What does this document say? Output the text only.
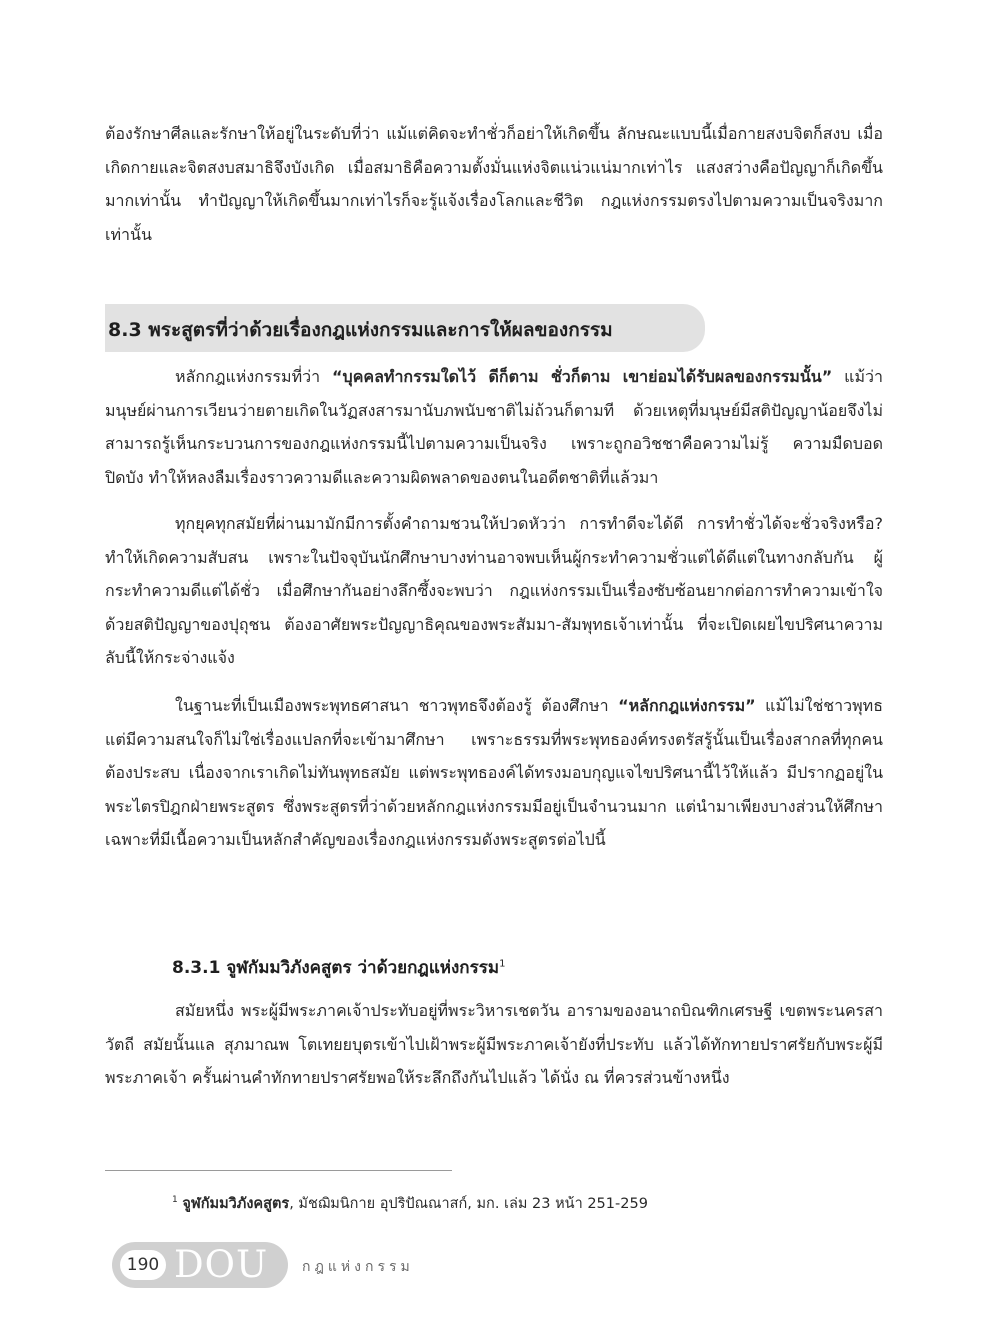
ต้องรักษาศีลและรักษาให้อยู่ในระดับที่ว่า แม้แต่คิดจะทำชั่วก็อย่าให้เกิดขึ้น ลักษณะแบบนี้เมื่อกายสงบจิตก็สงบ เมื่อเกิดกายและจิตสงบสมาธิจึงบังเกิด เมื่อสมาธิคือความตั้งมั่นแห่งจิตแน่วแน่มากเท่าไร แสงสว่างคือปัญญาก็เกิดขึ้นมากเท่านั้น ทำปัญญาให้เกิดขึ้นมากเท่าไรก็จะรู้แจ้งเรื่องโลกและชีวิต กฎแห่งกรรมตรงไปตามความเป็นจริงมากเท่านั้น

8.3 พระสูตรที่ว่าด้วยเรื่องกฎแห่งกรรมและการให้ผลของกรรม

หลักกฎแห่งกรรมที่ว่า “บุคคลทำกรรมใดไว้ ดีก็ตาม ชั่วก็ตาม เขาย่อมได้รับผลของกรรมนั้น” แม้ว่ามนุษย์ผ่านการเวียนว่ายตายเกิดในวัฏสงสารมานับภพนับชาติไม่ถ้วนก็ตามที ด้วยเหตุที่มนุษย์มีสติปัญญาน้อยจึงไม่สามารถรู้เห็นกระบวนการของกฎแห่งกรรมนี้ไปตามความเป็นจริง เพราะถูกอวิชชาคือความไม่รู้ ความมืดบอดปิดบัง ทำให้หลงลืมเรื่องราวความดีและความผิดพลาดของตนในอดีตชาติที่แล้วมา

ทุกยุคทุกสมัยที่ผ่านมามักมีการตั้งคำถามชวนให้ปวดหัวว่า การทำดีจะได้ดี การทำชั่วได้จะชั่วจริงหรือ? ทำให้เกิดความสับสน เพราะในปัจจุบันนักศึกษาบางท่านอาจพบเห็นผู้กระทำความชั่วแต่ได้ดีแต่ในทางกลับกัน ผู้กระทำความดีแต่ได้ชั่ว เมื่อศึกษากันอย่างลึกซึ้งจะพบว่า กฎแห่งกรรมเป็นเรื่องซับซ้อนยากต่อการทำความเข้าใจด้วยสติปัญญาของปุถุชน ต้องอาศัยพระปัญญาธิคุณของพระสัมมา-สัมพุทธเจ้าเท่านั้น ที่จะเปิดเผยไขปริศนาความลับนี้ให้กระจ่างแจ้ง

ในฐานะที่เป็นเมืองพระพุทธศาสนา ชาวพุทธจึงต้องรู้ ต้องศึกษา “หลักกฎแห่งกรรม” แม้ไม่ใช่ชาวพุทธแต่มีความสนใจก็ไม่ใช่เรื่องแปลกที่จะเข้ามาศึกษา เพราะธรรมที่พระพุทธองค์ทรงตรัสรู้นั้นเป็นเรื่องสากลที่ทุกคนต้องประสบ เนื่องจากเราเกิดไม่ทันพุทธสมัย แต่พระพุทธองค์ได้ทรงมอบกุญแจไขปริศนานี้ไว้ให้แล้ว มีปรากฏอยู่ในพระไตรปิฎกฝ่ายพระสูตร ซึ่งพระสูตรที่ว่าด้วยหลักกฎแห่งกรรมมีอยู่เป็นจำนวนมาก แต่นำมาเพียงบางส่วนให้ศึกษาเฉพาะที่มีเนื้อความเป็นหลักสำคัญของเรื่องกฎแห่งกรรมดังพระสูตรต่อไปนี้

8.3.1 จูฬกัมมวิภังคสูตร ว่าด้วยกฎแห่งกรรม$^1$

สมัยหนึ่ง พระผู้มีพระภาคเจ้าประทับอยู่ที่พระวิหารเชตวัน อารามของอนาถบิณฑิกเศรษฐี เขตพระนครสาวัตถี สมัยนั้นแล สุภมาณพ โตเทยยบุตรเข้าไปเฝ้าพระผู้มีพระภาคเจ้ายังที่ประทับ แล้วได้ทักทายปราศรัยกับพระผู้มีพระภาคเจ้า ครั้นผ่านคำทักทายปราศรัยพอให้ระลึกถึงกันไปแล้ว ได้นั่ง ณ ที่ควรส่วนข้างหนึ่ง

$^1$ จูฬกัมมวิภังคสูตร, มัชฌิมนิกาย อุปริปัณณาสก์, มก. เล่ม 23 หน้า 251-259

190 DOU กฎแห่งกรรม
